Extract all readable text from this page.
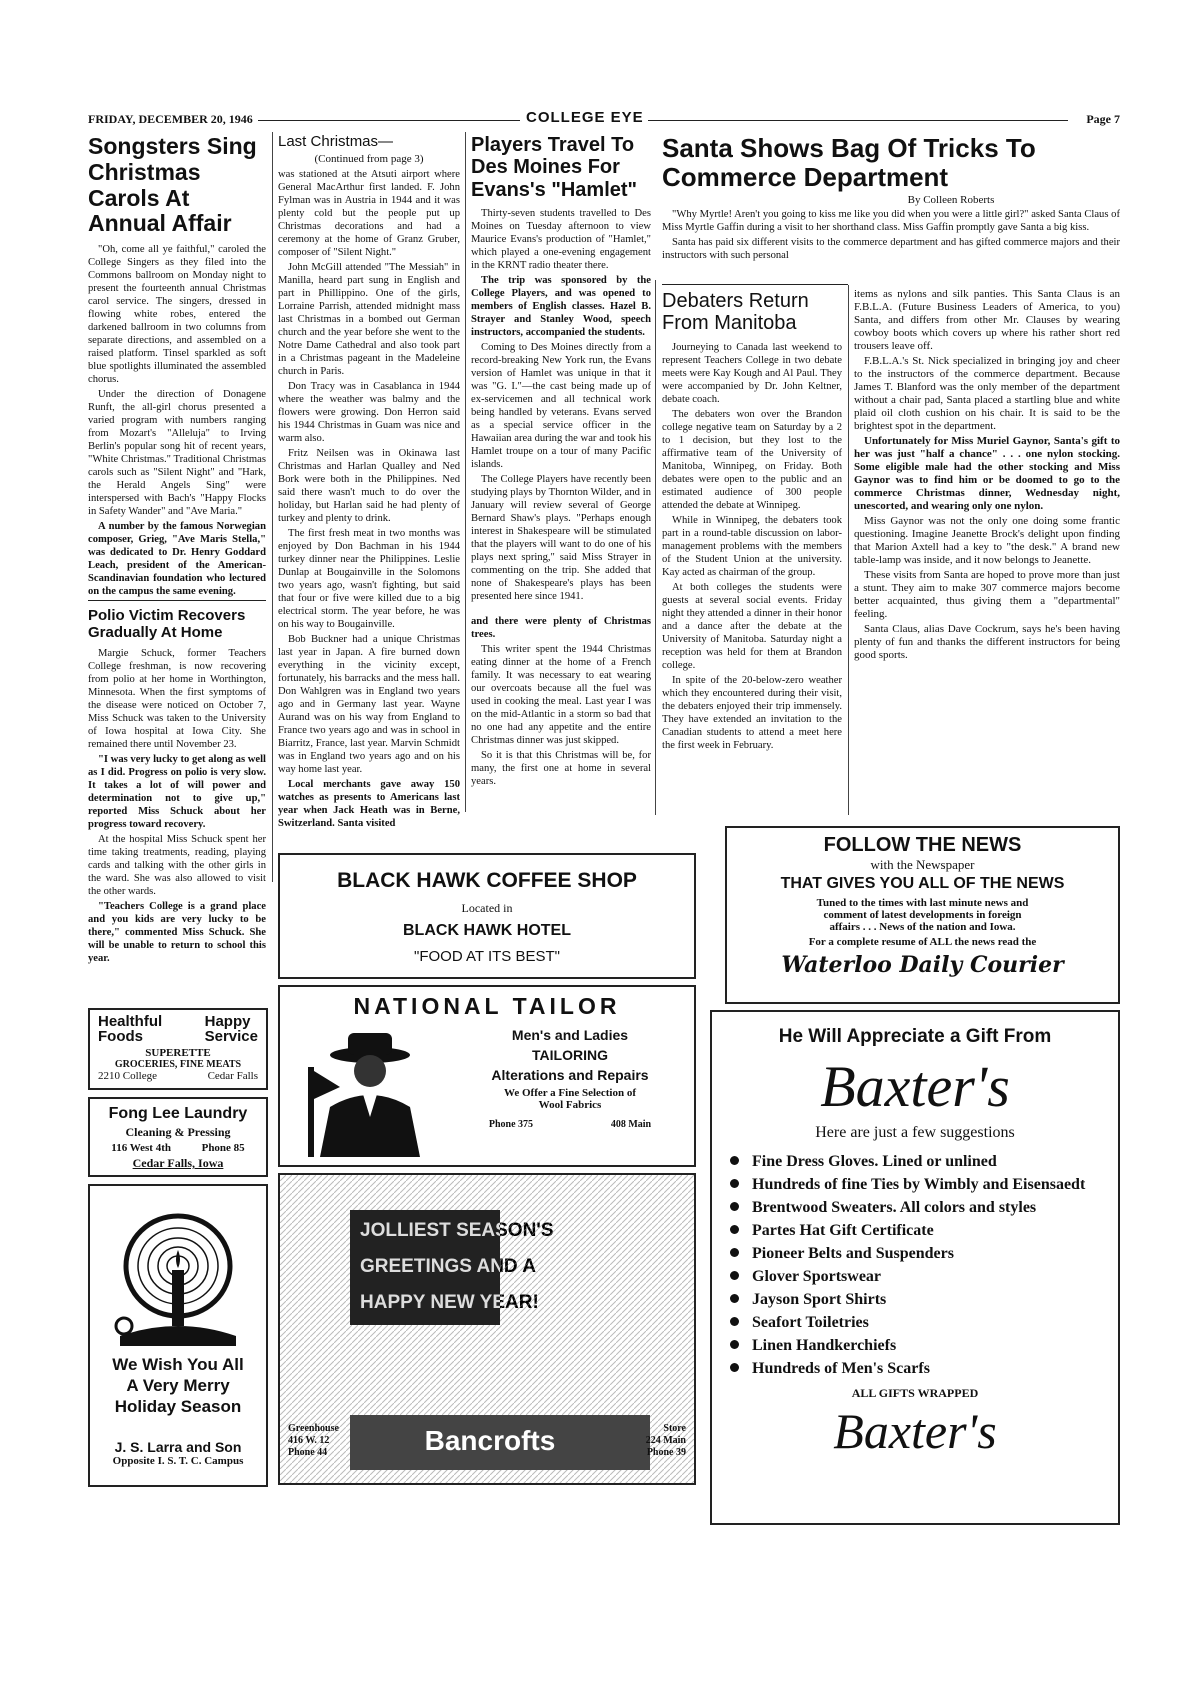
FRIDAY, DECEMBER 20, 1946	COLLEGE EYE	Page 7
Songsters Sing Christmas Carols At Annual Affair

"Oh, come all ye faithful," caroled the College Singers as they filed into the Commons ballroom on Monday night to present the fourteenth annual Christmas carol service. The singers, dressed in flowing white robes, entered the darkened ballroom in two columns from separate directions, and assembled on a raised platform. Tinsel sparkled as soft blue spotlights illuminated the assembled chorus.

Under the direction of Donagene Runft, the all-girl chorus presented a varied program with numbers ranging from Mozart's "Alleluja" to Irving Berlin's popular song hit of recent years, "White Christmas." Traditional Christmas carols such as "Silent Night" and "Hark, the Herald Angels Sing" were interspersed with Bach's "Happy Flocks in Safety Wander" and "Ave Maria."

A number by the famous Norwegian composer, Grieg, "Ave Maris Stella," was dedicated to Dr. Henry Goddard Leach, president of the American-Scandinavian foundation who lectured on the campus the same evening.

Polio Victim Recovers Gradually At Home

Margie Schuck, former Teachers College freshman, is now recovering from polio at her home in Worthington, Minnesota. When the first symptoms of the disease were noticed on October 7, Miss Schuck was taken to the University of Iowa hospital at Iowa City. She remained there until November 23.

"I was very lucky to get along as well as I did. Progress on polio is very slow. It takes a lot of will power and determination not to give up," reported Miss Schuck about her progress toward recovery.

At the hospital Miss Schuck spent her time taking treatments, reading, playing cards and talking with the other girls in the ward. She was also allowed to visit the other wards.

"Teachers College is a grand place and you kids are very lucky to be there," commented Miss Schuck. She will be unable to return to school this year.

Healthful
Foods
Happy
Service

SUPERETTE

GROCERIES, FINE MEATS

2210 College	Cedar Falls

Fong Lee Laundry

Cleaning & Pressing

116 West 4th	Phone 85

Cedar Falls, Iowa

We Wish You All

A Very Merry

Holiday Season

J. S. Larra and Son

Opposite I. S. T. C. Campus

Last Christmas—

(Continued from page 3)

was stationed at the Atsuti airport where General MacArthur first landed. F. John Fylman was in Austria in 1944 and it was plenty cold but the people put up Christmas decorations and had a ceremony at the home of Granz Gruber, composer of "Silent Night."

John McGill attended "The Messiah" in Manilla, heard part sung in English and part in Phillippino. One of the girls, Lorraine Parrish, attended midnight mass last Christmas in a bombed out German church and the year before she went to the Notre Dame Cathedral and also took part in a Christmas pageant in the Madeleine church in Paris.

Don Tracy was in Casablanca in 1944 where the weather was balmy and the flowers were growing. Don Herron said his 1944 Christmas in Guam was nice and warm also.

Fritz Neilsen was in Okinawa last Christmas and Harlan Qualley and Ned Bork were both in the Philippines. Ned said there wasn't much to do over the holiday, but Harlan said he had plenty of turkey and plenty to drink.

The first fresh meat in two months was enjoyed by Don Bachman in his 1944 turkey dinner near the Philippines. Leslie Dunlap at Bougainville in the Solomons two years ago, wasn't fighting, but said that four or five were killed due to a big electrical storm. The year before, he was on his way to Bougainville.

Bob Buckner had a unique Christmas last year in Japan. A fire burned down everything in the vicinity except, fortunately, his barracks and the mess hall. Don Wahlgren was in England two years ago and in Germany last year. Wayne Aurand was on his way from England to France two years ago and was in school in Biarritz, France, last year. Marvin Schmidt was in England two years ago and on his way home last year.

Local merchants gave away 150 watches as presents to Americans last year when Jack Heath was in Berne, Switzerland. Santa visited

Players Travel To Des Moines For Evans's "Hamlet"

Thirty-seven students travelled to Des Moines on Tuesday afternoon to view Maurice Evans's production of "Hamlet," which played a one-evening engagement in the KRNT radio theater there.

The trip was sponsored by the College Players, and was opened to members of English classes. Hazel B. Strayer and Stanley Wood, speech instructors, accompanied the students.

Coming to Des Moines directly from a record-breaking New York run, the Evans version of Hamlet was unique in that it was "G. I."—the cast being made up of ex-servicemen and all technical work being handled by veterans. Evans served as a special service officer in the Hawaiian area during the war and took his Hamlet troupe on a tour of many Pacific islands.

The College Players have recently been studying plays by Thornton Wilder, and in January will review several of George Bernard Shaw's plays. "Perhaps enough interest in Shakespeare will be stimulated that the players will want to do one of his plays next spring," said Miss Strayer in commenting on the trip. She added that none of Shakespeare's plays has been presented here since 1941.

and there were plenty of Christmas trees.

This writer spent the 1944 Christmas eating dinner at the home of a French family. It was necessary to eat wearing our overcoats because all the fuel was used in cooking the meal. Last year I was on the mid-Atlantic in a storm so bad that no one had any appetite and the entire Christmas dinner was just skipped.

So it is that this Christmas will be, for many, the first one at home in several years.

Santa Shows Bag Of Tricks To Commerce Department

By Colleen Roberts

"Why Myrtle! Aren't you going to kiss me like you did when you were a little girl?" asked Santa Claus of Miss Myrtle Gaffin during a visit to her shorthand class. Miss Gaffin promptly gave Santa a big kiss.

Santa has paid six different visits to the commerce department and has gifted commerce majors and their instructors with such personal

Debaters Return From Manitoba

Journeying to Canada last weekend to represent Teachers College in two debate meets were Kay Kough and Al Paul. They were accompanied by Dr. John Keltner, debate coach.

The debaters won over the Brandon college negative team on Saturday by a 2 to 1 decision, but they lost to the affirmative team of the University of Manitoba, Winnipeg, on Friday. Both debates were open to the public and an estimated audience of 300 people attended the debate at Winnipeg.

While in Winnipeg, the debaters took part in a round-table discussion on labor-management problems with the members of the Student Union at the university. Kay acted as chairman of the group.

At both colleges the students were guests at several social events. Friday night they attended a dinner in their honor and a dance after the debate at the University of Manitoba. Saturday night a reception was held for them at Brandon college.

In spite of the 20-below-zero weather which they encountered during their visit, the debaters enjoyed their trip immensely. They have extended an invitation to the Canadian students to attend a meet here the first week in February.

items as nylons and silk panties. This Santa Claus is an F.B.L.A. (Future Business Leaders of America, to you) Santa, and differs from other Mr. Clauses by wearing cowboy boots which covers up where his rather short red trousers leave off.

F.B.L.A.'s St. Nick specialized in bringing joy and cheer to the instructors of the commerce department. Because James T. Blanford was the only member of the department without a chair pad, Santa placed a startling blue and white plaid oil cloth cushion on his chair. It is said to be the brightest spot in the department.

Unfortunately for Miss Muriel Gaynor, Santa's gift to her was just "half a chance" . . . one nylon stocking. Some eligible male had the other stocking and Miss Gaynor was to find him or be doomed to go to the commerce Christmas dinner, Wednesday night, unescorted, and wearing only one nylon.

Miss Gaynor was not the only one doing some frantic questioning. Imagine Jeanette Brock's delight upon finding that Marion Axtell had a key to "the desk." A brand new table-lamp was inside, and it now belongs to Jeanette.

These visits from Santa are hoped to prove more than just a stunt. They aim to make 307 commerce majors become better acquainted, thus giving them a "departmental" feeling.

Santa Claus, alias Dave Cockrum, says he's been having plenty of fun and thanks the different instructors for being good sports.

BLACK HAWK COFFEE SHOP

Located in

BLACK HAWK HOTEL

"FOOD AT ITS BEST"

NATIONAL TAILOR

Men's and Ladies

TAILORING

Alterations and Repairs

We Offer a Fine Selection of

Wool Fabrics

Phone 375	408 Main

JOLLIEST SEASON'S

GREETINGS AND A

HAPPY NEW YEAR!

Greenhouse
416 W. 12
Phone 44	Bancrofts	Store
224 Main
Phone 39

FOLLOW THE NEWS

with the Newspaper

THAT GIVES YOU ALL OF THE NEWS

Tuned to the times with last minute news and

comment of latest developments in foreign

affairs . . . News of the nation and Iowa.

For a complete resume of ALL the news read the

Waterloo Daily Courier

He Will Appreciate a Gift From

Baxter's

Here are just a few suggestions

Fine Dress Gloves. Lined or unlined
Hundreds of fine Ties by Wimbly and Eisensaedt
Brentwood Sweaters. All colors and styles
Partes Hat Gift Certificate
Pioneer Belts and Suspenders
Glover Sportswear
Jayson Sport Shirts
Seafort Toiletries
Linen Handkerchiefs
Hundreds of Men's Scarfs

ALL GIFTS WRAPPED

Baxter's
